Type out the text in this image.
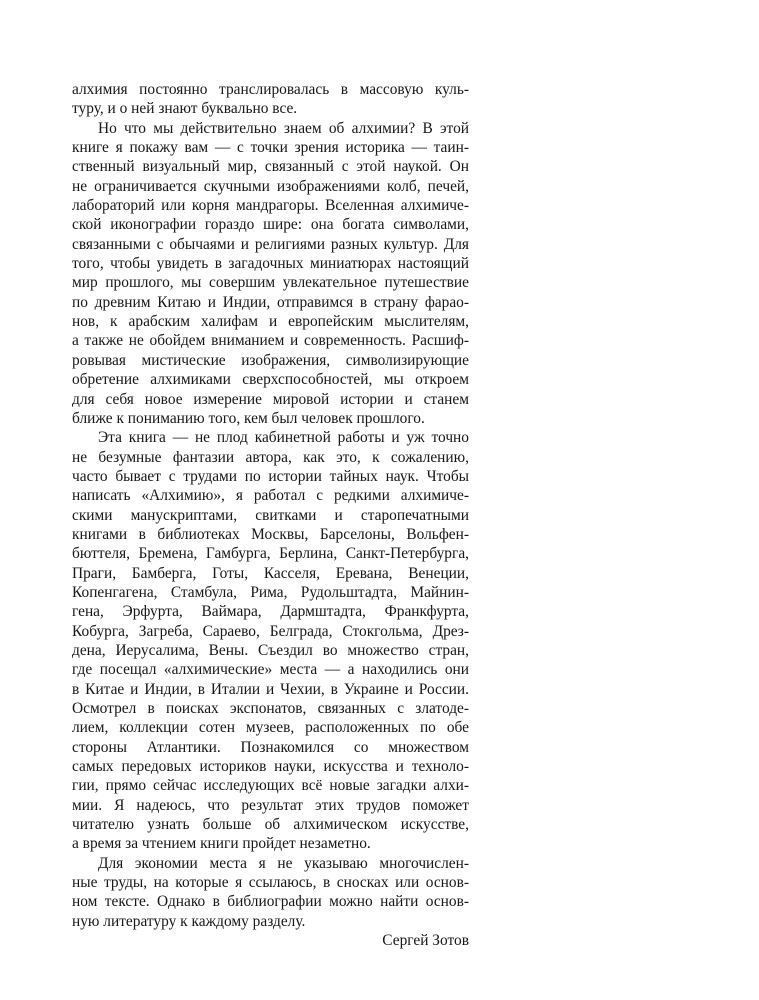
алхимия постоянно транслировалась в массовую куль-
туру, и о ней знают буквально все.

Но что мы действительно знаем об алхимии? В этой
книге я покажу вам — с точки зрения историка — таин-
ственный визуальный мир, связанный с этой наукой. Он
не ограничивается скучными изображениями колб, печей,
лабораторий или корня мандрагоры. Вселенная алхимиче-
ской иконографии гораздо шире: она богата символами,
связанными с обычаями и религиями разных культур. Для
того, чтобы увидеть в загадочных миниатюрах настоящий
мир прошлого, мы совершим увлекательное путешествие
по древним Китаю и Индии, отправимся в страну фарао-
нов, к арабским халифам и европейским мыслителям,
а также не обойдем вниманием и современность. Расшиф-
ровывая мистические изображения, символизирующие
обретение алхимиками сверхспособностей, мы откроем
для себя новое измерение мировой истории и станем
ближе к пониманию того, кем был человек прошлого.

Эта книга — не плод кабинетной работы и уж точно
не безумные фантазии автора, как это, к сожалению,
часто бывает с трудами по истории тайных наук. Чтобы
написать «Алхимию», я работал с редкими алхимиче-
скими манускриптами, свитками и старопечатными
книгами в библиотеках Москвы, Барселоны, Вольфен-
бюттеля, Бремена, Гамбурга, Берлина, Санкт-Петербурга,
Праги, Бамберга, Готы, Касселя, Еревана, Венеции,
Копенгагена, Стамбула, Рима, Рудольштадта, Майнин-
гена, Эрфурта, Ваймара, Дармштадта, Франкфурта,
Кобурга, Загреба, Сараево, Белграда, Стокгольма, Дрез-
дена, Иерусалима, Вены. Съездил во множество стран,
где посещал «алхимические» места — а находились они
в Китае и Индии, в Италии и Чехии, в Украине и России.
Осмотрел в поисках экспонатов, связанных с златоде-
лием, коллекции сотен музеев, расположенных по обе
стороны Атлантики. Познакомился со множеством
самых передовых историков науки, искусства и техноло-
гии, прямо сейчас исследующих всё новые загадки алхи-
мии. Я надеюсь, что результат этих трудов поможет
читателю узнать больше об алхимическом искусстве,
а время за чтением книги пройдет незаметно.

Для экономии места я не указываю многочислен-
ные труды, на которые я ссылаюсь, в сносках или основ-
ном тексте. Однако в библиографии можно найти основ-
ную литературу к каждому разделу.

Сергей Зотов
